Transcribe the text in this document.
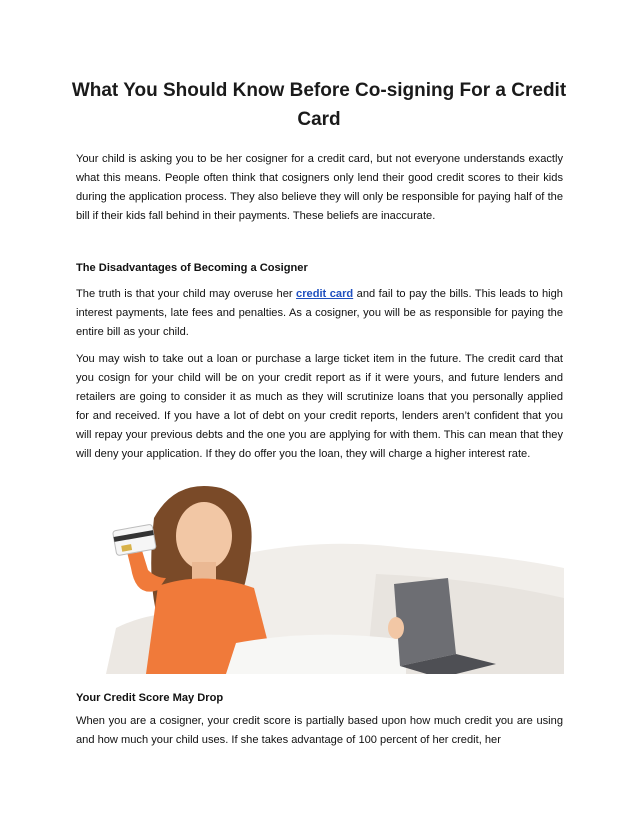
What You Should Know Before Co-signing For a Credit Card

Your child is asking you to be her cosigner for a credit card, but not everyone understands exactly what this means. People often think that cosigners only lend their good credit scores to their kids during the application process. They also believe they will only be responsible for paying half of the bill if their kids fall behind in their payments. These beliefs are inaccurate.

The Disadvantages of Becoming a Cosigner

The truth is that your child may overuse her credit card and fail to pay the bills. This leads to high interest payments, late fees and penalties. As a cosigner, you will be as responsible for paying the entire bill as your child.

You may wish to take out a loan or purchase a large ticket item in the future. The credit card that you cosign for your child will be on your credit report as if it were yours, and future lenders and retailers are going to consider it as much as they will scrutinize loans that you personally applied for and received. If you have a lot of debt on your credit reports, lenders aren’t confident that you will repay your previous debts and the one you are applying for with them. This can mean that they will deny your application. If they do offer you the loan, they will charge a higher interest rate.

Your Credit Score May Drop

When you are a cosigner, your credit score is partially based upon how much credit you are using and how much your child uses. If she takes advantage of 100 percent of her credit, her
